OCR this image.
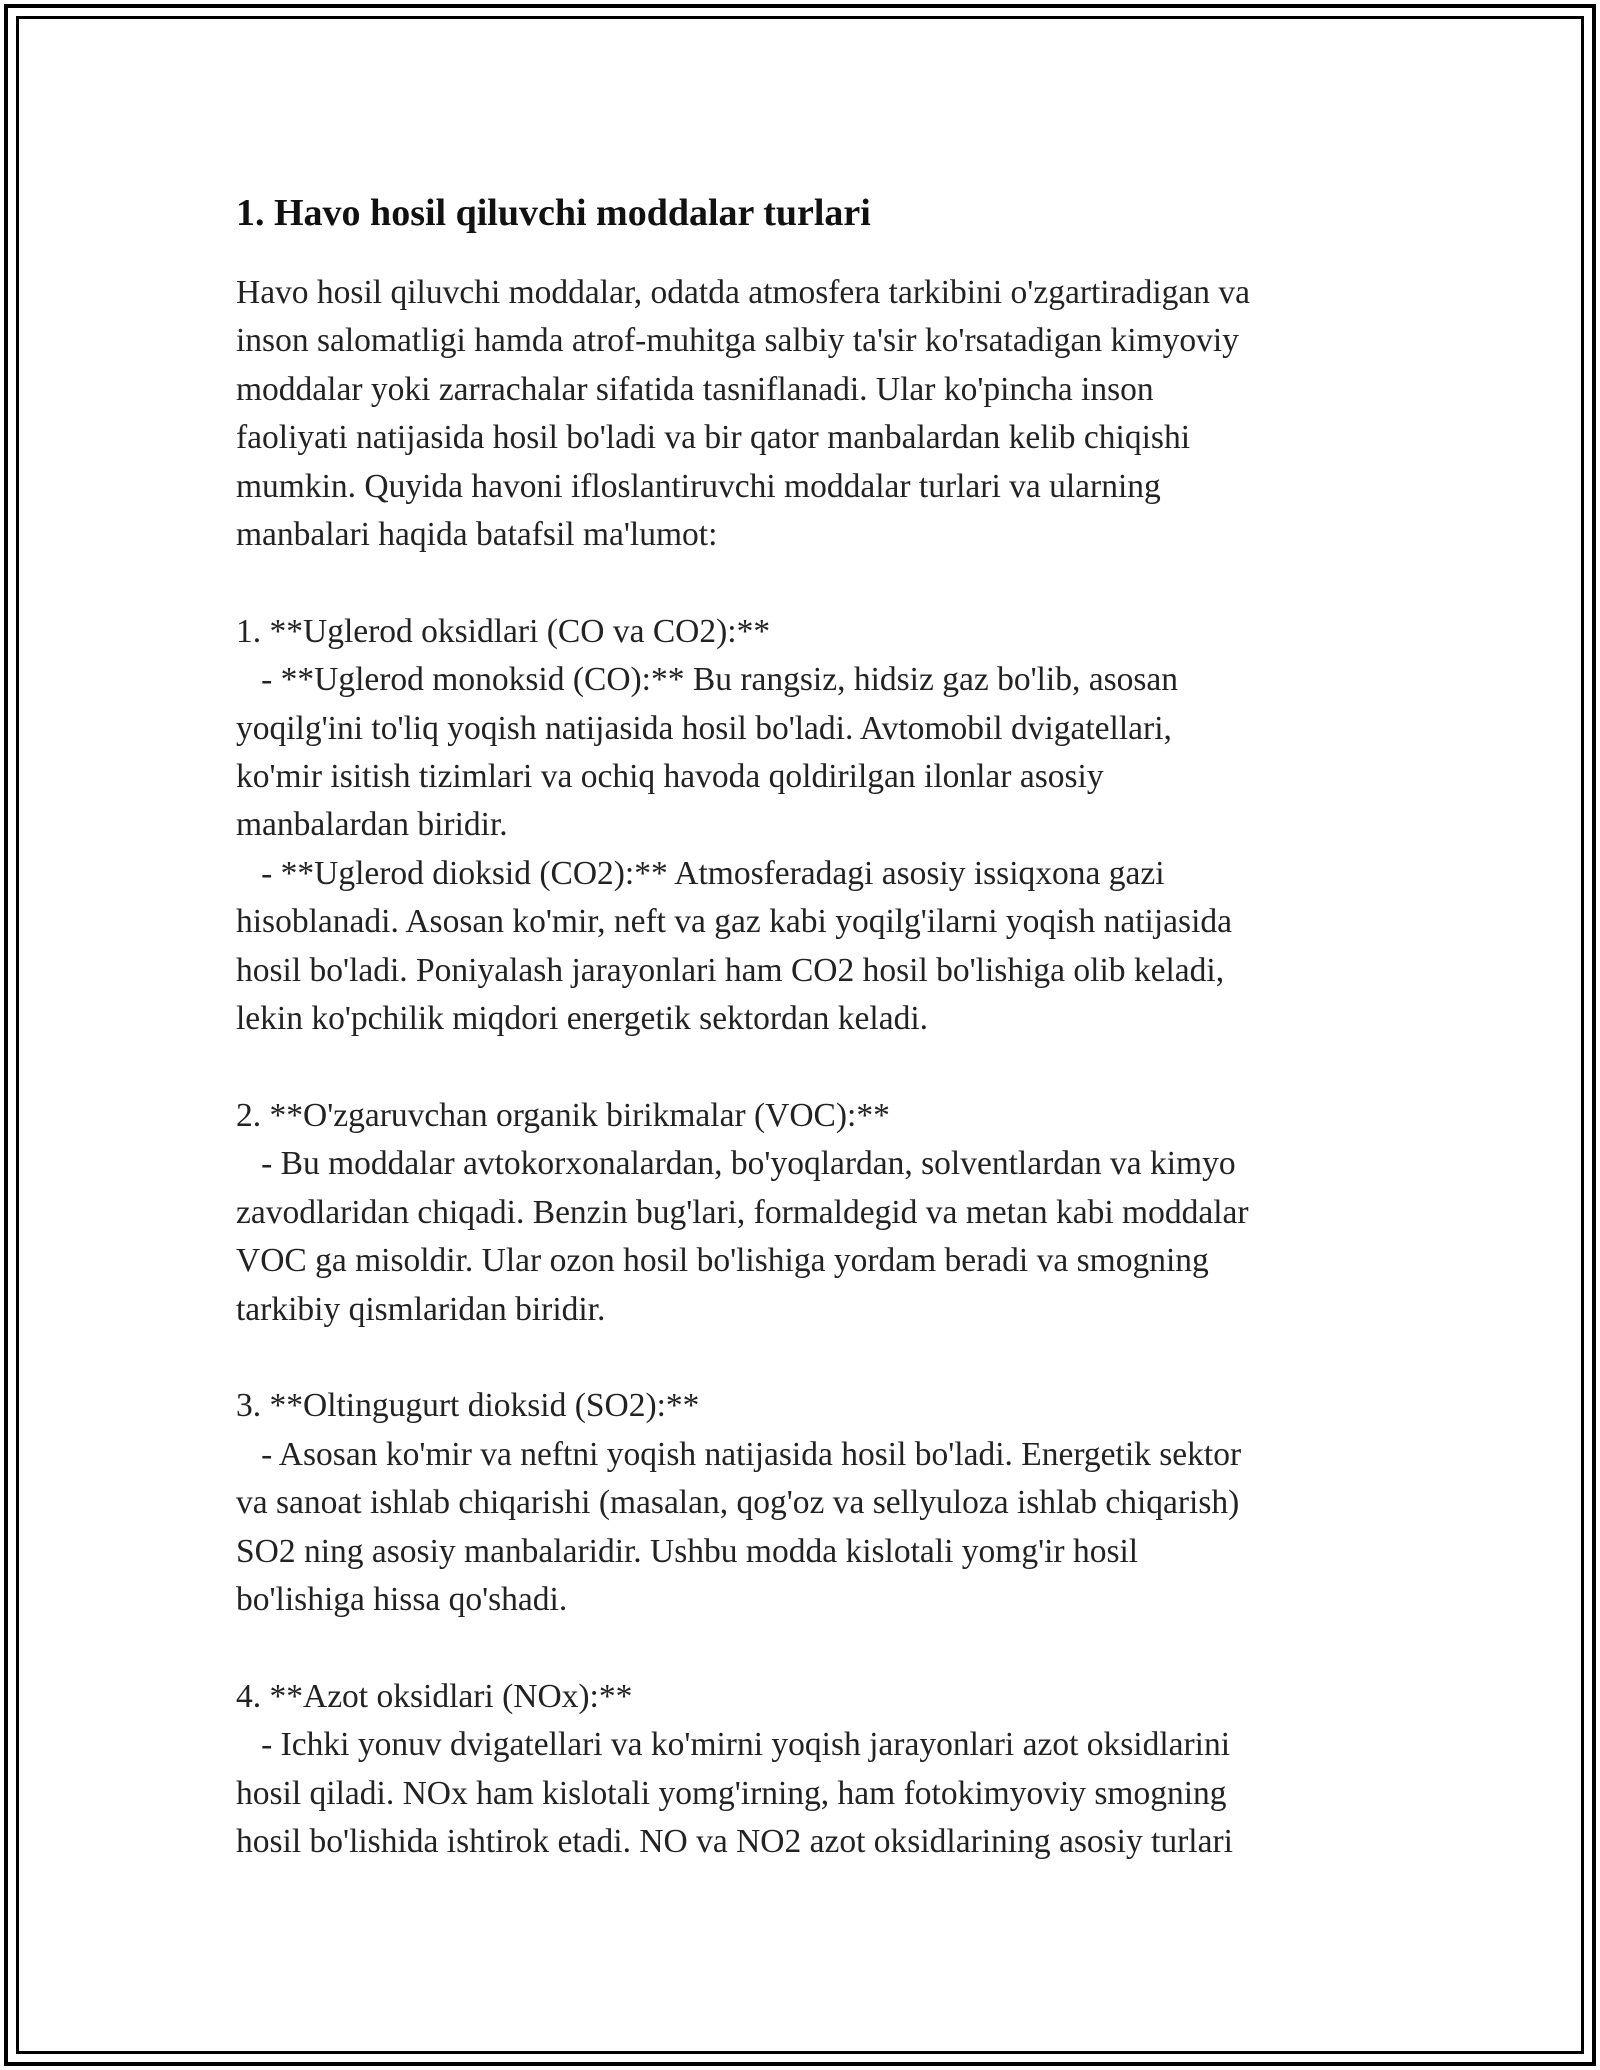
1. Havo hosil qiluvchi moddalar turlari

Havo hosil qiluvchi moddalar, odatda atmosfera tarkibini o'zgartiradigan va
inson salomatligi hamda atrof-muhitga salbiy ta'sir ko'rsatadigan kimyoviy
moddalar yoki zarrachalar sifatida tasniflanadi. Ular ko'pincha inson
faoliyati natijasida hosil bo'ladi va bir qator manbalardan kelib chiqishi
mumkin. Quyida havoni ifloslantiruvchi moddalar turlari va ularning
manbalari haqida batafsil ma'lumot:

1. **Uglerod oksidlari (CO va CO2):**
- **Uglerod monoksid (CO):** Bu rangsiz, hidsiz gaz bo'lib, asosan
yoqilg'ini to'liq yoqish natijasida hosil bo'ladi. Avtomobil dvigatellari,
ko'mir isitish tizimlari va ochiq havoda qoldirilgan ilonlar asosiy
manbalardan biridir.
- **Uglerod dioksid (CO2):** Atmosferadagi asosiy issiqxona gazi
hisoblanadi. Asosan ko'mir, neft va gaz kabi yoqilg'ilarni yoqish natijasida
hosil bo'ladi. Poniyalash jarayonlari ham CO2 hosil bo'lishiga olib keladi,
lekin ko'pchilik miqdori energetik sektordan keladi.

2. **O'zgaruvchan organik birikmalar (VOC):**
- Bu moddalar avtokorxonalardan, bo'yoqlardan, solventlardan va kimyo
zavodlaridan chiqadi. Benzin bug'lari, formaldegid va metan kabi moddalar
VOC ga misoldir. Ular ozon hosil bo'lishiga yordam beradi va smogning
tarkibiy qismlaridan biridir.

3. **Oltingugurt dioksid (SO2):**
- Asosan ko'mir va neftni yoqish natijasida hosil bo'ladi. Energetik sektor
va sanoat ishlab chiqarishi (masalan, qog'oz va sellyuloza ishlab chiqarish)
SO2 ning asosiy manbalaridir. Ushbu modda kislotali yomg'ir hosil
bo'lishiga hissa qo'shadi.

4. **Azot oksidlari (NOx):**
- Ichki yonuv dvigatellari va ko'mirni yoqish jarayonlari azot oksidlarini
hosil qiladi. NOx ham kislotali yomg'irning, ham fotokimyoviy smogning
hosil bo'lishida ishtirok etadi. NO va NO2 azot oksidlarining asosiy turlari
